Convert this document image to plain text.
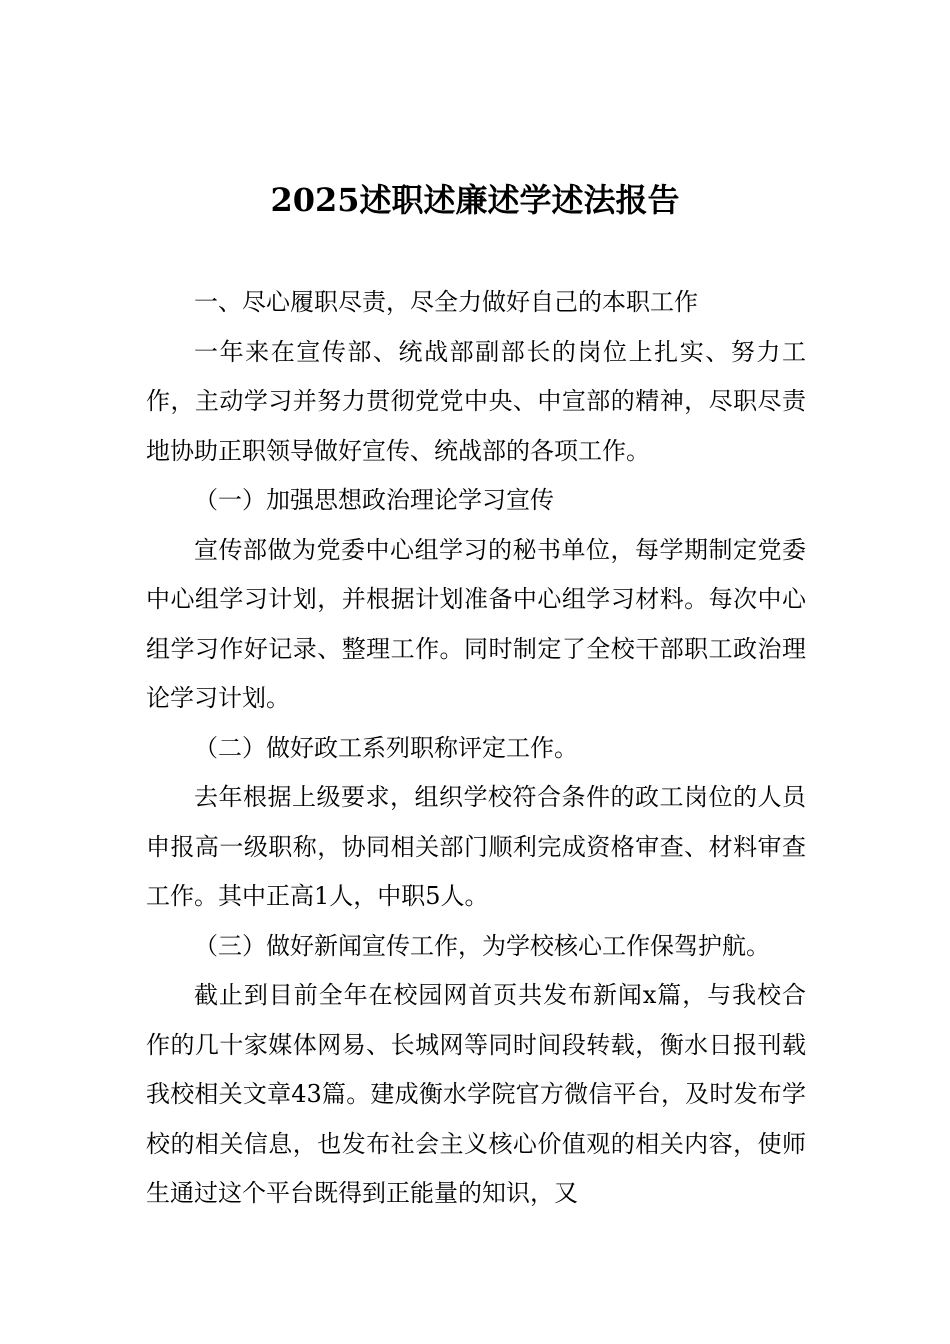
2025述职述廉述学述法报告

一、尽心履职尽责，尽全力做好自己的本职工作

一年来在宣传部、统战部副部长的岗位上扎实、努力工作，主动学习并努力贯彻党党中央、中宣部的精神，尽职尽责地协助正职领导做好宣传、统战部的各项工作。

（一）加强思想政治理论学习宣传

宣传部做为党委中心组学习的秘书单位，每学期制定党委中心组学习计划，并根据计划准备中心组学习材料。每次中心组学习作好记录、整理工作。同时制定了全校干部职工政治理论学习计划。

（二）做好政工系列职称评定工作。

去年根据上级要求，组织学校符合条件的政工岗位的人员申报高一级职称，协同相关部门顺利完成资格审查、材料审查工作。其中正高1人，中职5人。

（三）做好新闻宣传工作，为学校核心工作保驾护航。

截止到目前全年在校园网首页共发布新闻x篇，与我校合作的几十家媒体网易、长城网等同时间段转载，衡水日报刊载我校相关文章43篇。建成衡水学院官方微信平台，及时发布学校的相关信息，也发布社会主义核心价值观的相关内容，使师生通过这个平台既得到正能量的知识，又
